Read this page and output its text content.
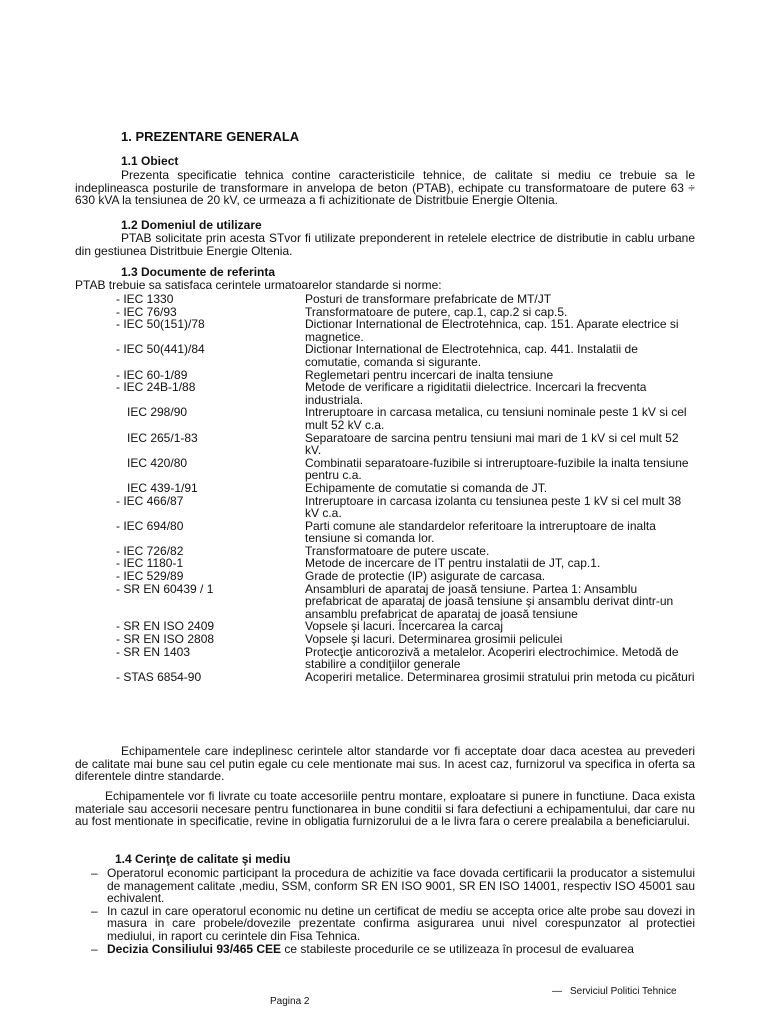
1. PREZENTARE GENERALA
1.1 Obiect
Prezenta specificatie tehnica contine caracteristicile tehnice, de calitate si mediu ce trebuie sa le indeplineasca posturile de transformare in anvelopa de beton (PTAB), echipate cu transformatoare de putere 63 ÷ 630 kVA la tensiunea de 20 kV, ce urmeaza a fi achizitionate de Distritbuie Energie Oltenia.
1.2 Domeniul de utilizare
PTAB solicitate prin acesta STvor fi utilizate preponderent in retelele electrice de distributie in cablu urbane din gestiunea Distritbuie Energie Oltenia.
1.3 Documente de referinta
PTAB trebuie sa satisfaca cerintele urmatoarelor standarde si norme:
- IEC 1330	Posturi de transformare prefabricate de MT/JT
- IEC 76/93	Transformatoare de putere, cap.1, cap.2 si cap.5.
- IEC 50(151)/78	Dictionar International de Electrotehnica, cap. 151. Aparate electrice si magnetice.
- IEC 50(441)/84	Dictionar International de Electrotehnica, cap. 441. Instalatii de comutatie, comanda si sigurante.
- IEC 60-1/89	Reglemetari pentru incercari de inalta tensiune
- IEC 24B-1/88	Metode de verificare a rigiditatii dielectrice. Incercari la frecventa industriala.
IEC 298/90	Intreruptoare in carcasa metalica, cu tensiuni nominale peste 1 kV si cel mult 52 kV c.a.
IEC 265/1-83	Separatoare de sarcina pentru tensiuni mai mari de 1 kV si cel mult 52 kV.
IEC 420/80	Combinatii separatoare-fuzibile si intreruptoare-fuzibile la inalta tensiune pentru c.a.
IEC 439-1/91	Echipamente de comutatie si comanda de JT.
- IEC 466/87	Intreruptoare in carcasa izolanta cu tensiunea peste 1 kV si cel mult 38 kV c.a.
- IEC 694/80	Parti comune ale standardelor referitoare la intreruptoare de inalta tensiune si comanda lor.
- IEC 726/82	Transformatoare de putere uscate.
- IEC 1180-1	Metode de incercare de IT pentru instalatii de JT, cap.1.
- IEC 529/89	Grade de protectie (IP) asigurate de carcasa.
- SR EN 60439 / 1	Ansambluri de aparataj de joasă tensiune. Partea 1: Ansamblu prefabricat de aparataj de joasă tensiune şi ansamblu derivat dintr-un ansamblu prefabricat de aparataj de joasă tensiune
- SR EN ISO 2409	Vopsele şi lacuri. Încercarea la carcaj
- SR EN ISO 2808	Vopsele şi lacuri. Determinarea grosimii peliculei
- SR EN 1403	Protecţie anticorozivă a metalelor. Acoperiri electrochimice. Metodă de stabilire a condiţiilor generale
- STAS 6854-90	Acoperiri metalice. Determinarea grosimii stratului prin metoda cu picături
Echipamentele care indeplinesc cerintele altor standarde vor fi acceptate doar daca acestea au prevederi de calitate mai bune sau cel putin egale cu cele mentionate mai sus. In acest caz, furnizorul va specifica in oferta sa diferentele dintre standarde.
Echipamentele vor fi livrate cu toate accesoriile pentru montare, exploatare si punere in functiune. Daca exista materiale sau accesorii necesare pentru functionarea in bune conditii si fara defectiuni a echipamentului, dar care nu au fost mentionate in specificatie, revine in obligatia furnizorului de a le livra fara o cerere prealabila a beneficiarului.
1.4 Cerinţe de calitate şi mediu
– Operatorul economic participant la procedura de achizitie va face dovada certificarii la producator a sistemului de management calitate ,mediu, SSM, conform SR EN ISO 9001, SR EN ISO 14001, respectiv ISO 45001 sau echivalent.
– In cazul in care operatorul economic nu detine un certificat de mediu se accepta orice alte probe sau dovezi in masura in care probele/dovezile prezentate confirma asigurarea unui nivel corespunzator al protectiei mediului, in raport cu cerintele din Fisa Tehnica.
– Decizia Consiliului 93/465 CEE ce stabileste procedurile ce se utilizeaza în procesul de evaluarea
— Serviciul Politici Tehnice
Pagina 2
